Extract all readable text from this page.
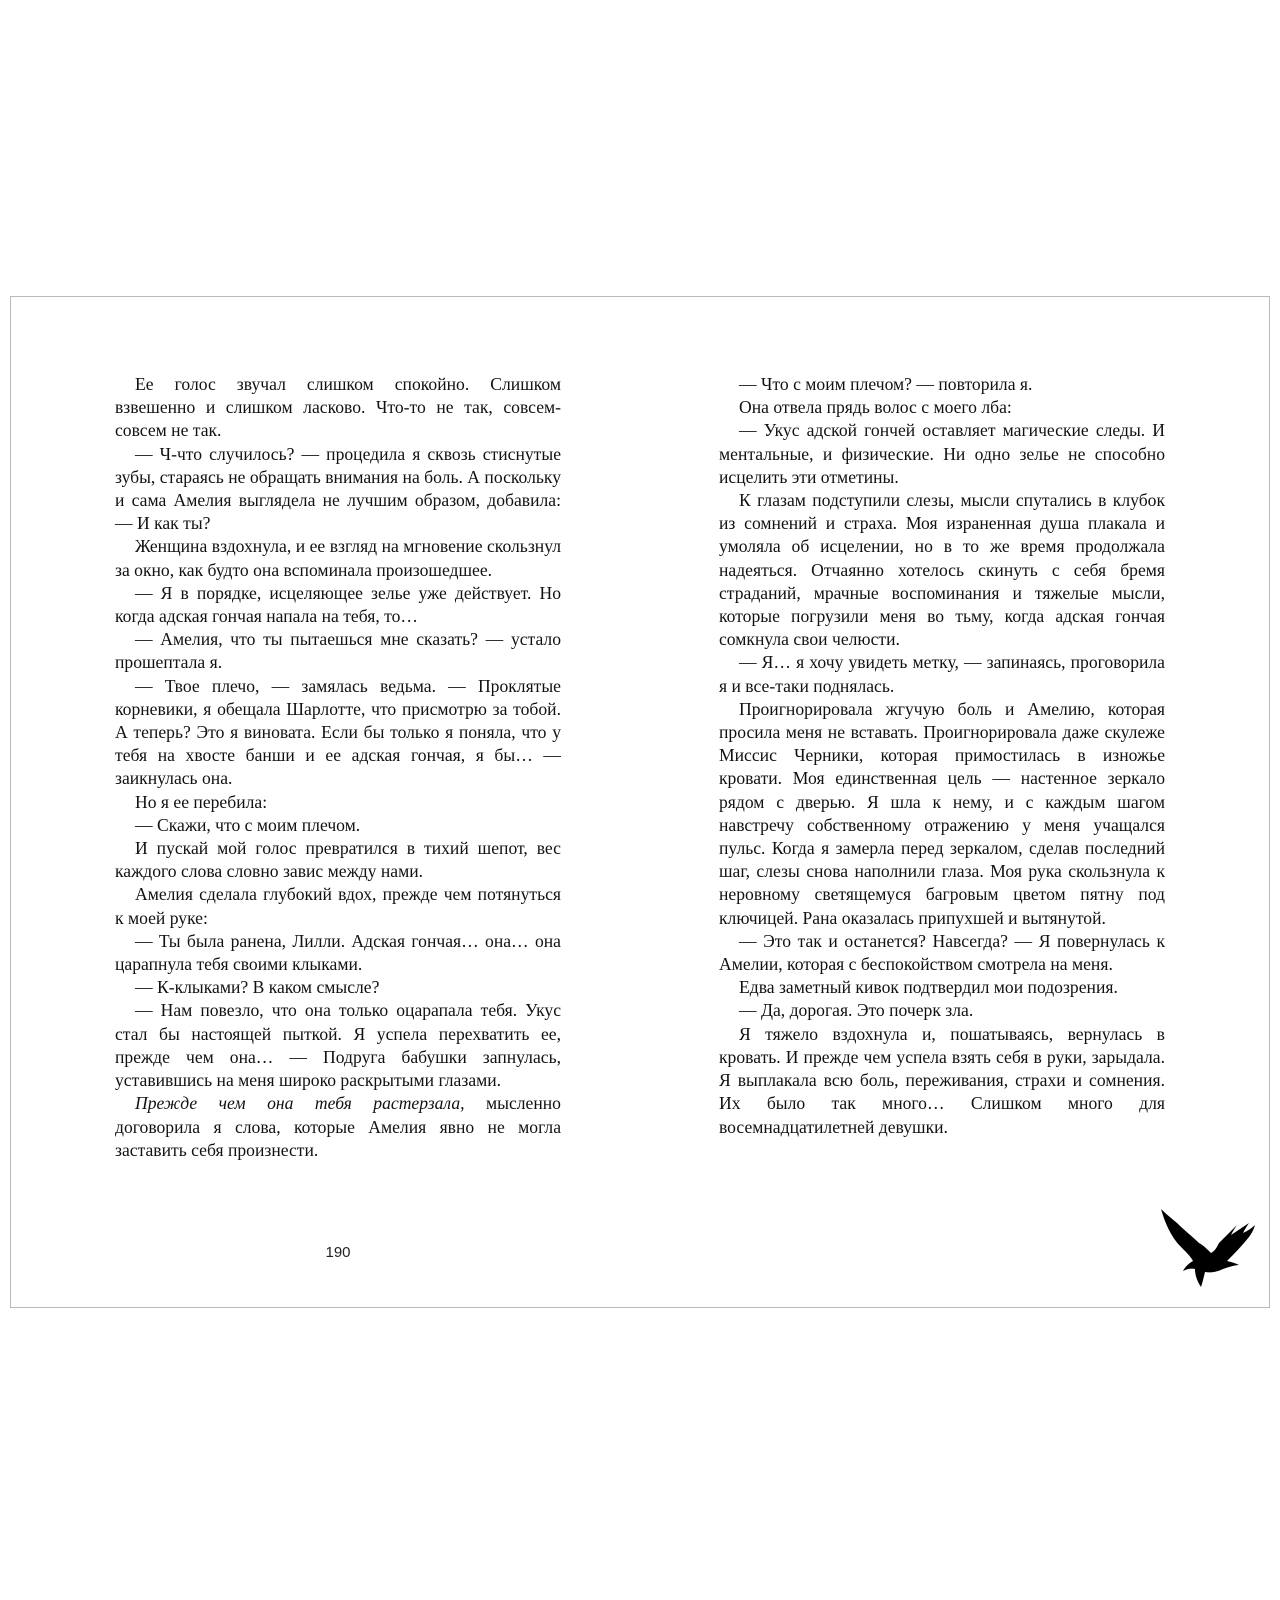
Ее голос звучал слишком спокойно. Слишком взвешенно и слишком ласково. Что-то не так, совсем-совсем не так.

— Ч-что случилось? — процедила я сквозь стиснутые зубы, стараясь не обращать внимания на боль. А поскольку и сама Амелия выглядела не лучшим образом, добавила: — И как ты?

Женщина вздохнула, и ее взгляд на мгновение скользнул за окно, как будто она вспоминала произошедшее.

— Я в порядке, исцеляющее зелье уже действует. Но когда адская гончая напала на тебя, то…

— Амелия, что ты пытаешься мне сказать? — устало прошептала я.

— Твое плечо, — замялась ведьма. — Проклятые корневики, я обещала Шарлотте, что присмотрю за тобой. А теперь? Это я виновата. Если бы только я поняла, что у тебя на хвосте банши и ее адская гончая, я бы… — заикнулась она.

Но я ее перебила:

— Скажи, что с моим плечом.

И пускай мой голос превратился в тихий шепот, вес каждого слова словно завис между нами.

Амелия сделала глубокий вдох, прежде чем потянуться к моей руке:

— Ты была ранена, Лилли. Адская гончая… она… она царапнула тебя своими клыками.

— К-клыками? В каком смысле?

— Нам повезло, что она только оцарапала тебя. Укус стал бы настоящей пыткой. Я успела перехватить ее, прежде чем она… — Подруга бабушки запнулась, уставившись на меня широко раскрытыми глазами.

Прежде чем она тебя растерзала, мысленно договорила я слова, которые Амелия явно не могла заставить себя произнести.

190

— Что с моим плечом? — повторила я.

Она отвела прядь волос с моего лба:

— Укус адской гончей оставляет магические следы. И ментальные, и физические. Ни одно зелье не способно исцелить эти отметины.

К глазам подступили слезы, мысли спутались в клубок из сомнений и страха. Моя израненная душа плакала и умоляла об исцелении, но в то же время продолжала надеяться. Отчаянно хотелось скинуть с себя бремя страданий, мрачные воспоминания и тяжелые мысли, которые погрузили меня во тьму, когда адская гончая сомкнула свои челюсти.

— Я… я хочу увидеть метку, — запинаясь, проговорила я и все-таки поднялась.

Проигнорировала жгучую боль и Амелию, которая просила меня не вставать. Проигнорировала даже скулеже Миссис Черники, которая примостилась в изножье кровати. Моя единственная цель — настенное зеркало рядом с дверью. Я шла к нему, и с каждым шагом навстречу собственному отражению у меня учащался пульс. Когда я замерла перед зеркалом, сделав последний шаг, слезы снова наполнили глаза. Моя рука скользнула к неровному светящемуся багровым цветом пятну под ключицей. Рана оказалась припухшей и вытянутой.

— Это так и останется? Навсегда? — Я повернулась к Амелии, которая с беспокойством смотрела на меня.

Едва заметный кивок подтвердил мои подозрения.

— Да, дорогая. Это почерк зла.

Я тяжело вздохнула и, пошатываясь, вернулась в кровать. И прежде чем успела взять себя в руки, зарыдала. Я выплакала всю боль, переживания, страхи и сомнения. Их было так много… Слишком много для восемнадцатилетней девушки.
